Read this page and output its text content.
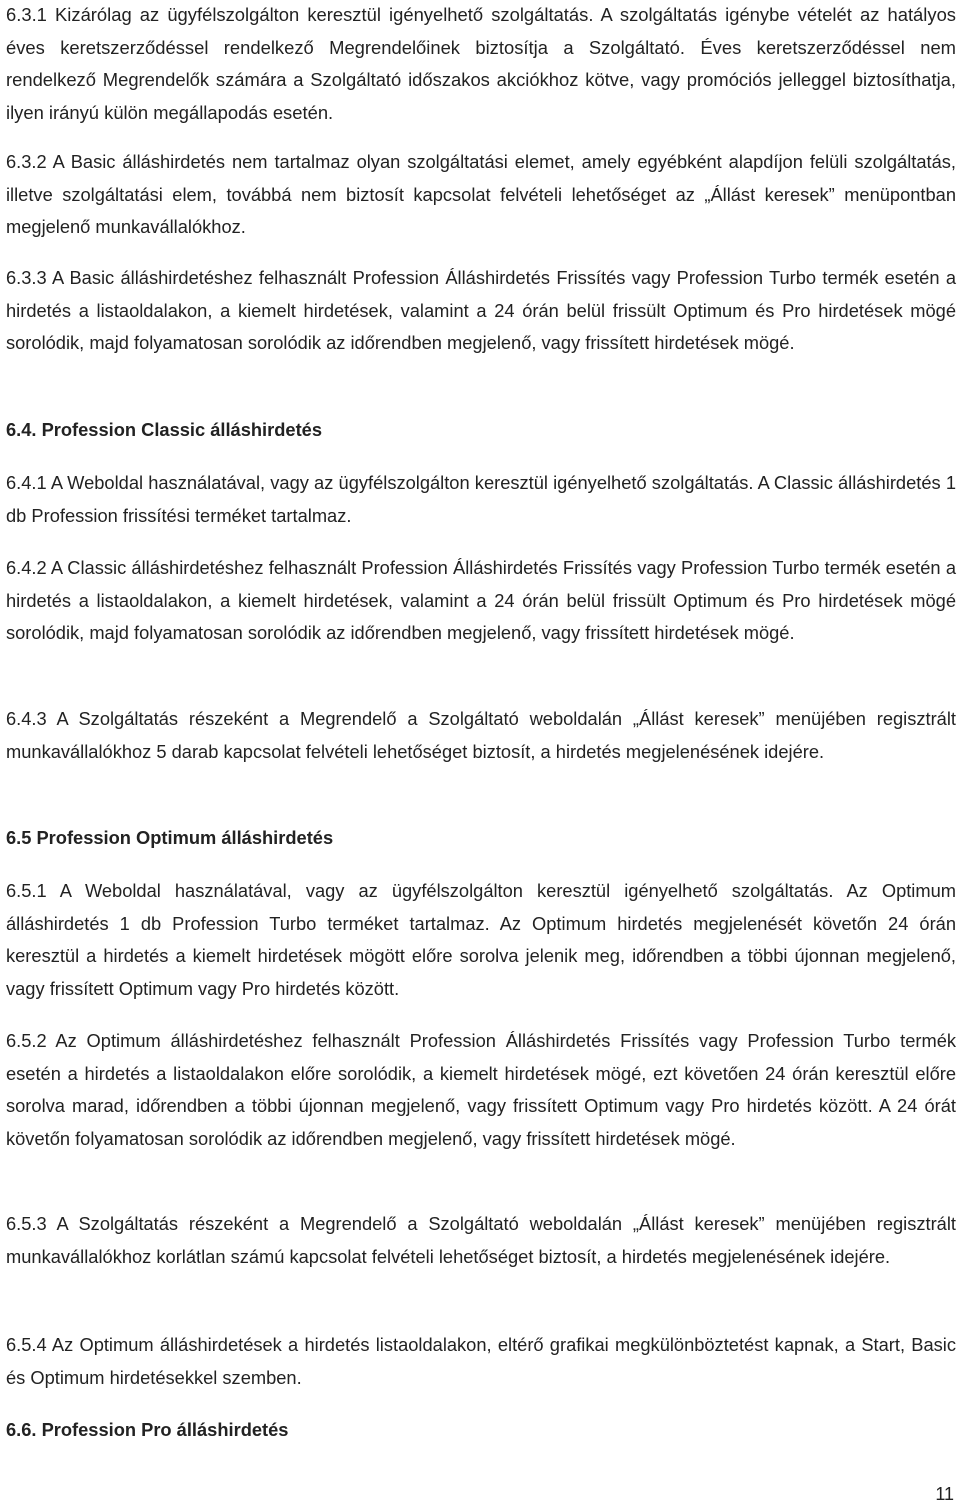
6.3.1 Kizárólag az ügyfélszolgálton keresztül igényelhető szolgáltatás. A szolgáltatás igénybe vételét az hatályos éves keretszerződéssel rendelkező Megrendelőinek biztosítja a Szolgáltató. Éves keretszerződéssel nem rendelkező Megrendelők számára a Szolgáltató időszakos akciókhoz kötve, vagy promóciós jelleggel biztosíthatja, ilyen irányú külön megállapodás esetén.

6.3.2 A Basic álláshirdetés nem tartalmaz olyan szolgáltatási elemet, amely egyébként alapdíjon felüli szolgáltatás, illetve szolgáltatási elem, továbbá nem biztosít kapcsolat felvételi lehetőséget az „Állást keresek” menüpontban megjelenő munkavállalókhoz.

6.3.3 A Basic álláshirdetéshez felhasznált Profession Álláshirdetés Frissítés vagy Profession Turbo termék esetén a hirdetés a listaoldalakon, a kiemelt hirdetések, valamint a 24 órán belül frissült Optimum és Pro hirdetések mögé sorolódik, majd folyamatosan sorolódik az időrendben megjelenő, vagy frissített hirdetések mögé.

6.4. Profession Classic álláshirdetés

6.4.1 A Weboldal használatával, vagy az ügyfélszolgálton keresztül igényelhető szolgáltatás. A Classic álláshirdetés 1 db Profession frissítési terméket tartalmaz.

6.4.2 A Classic álláshirdetéshez felhasznált Profession Álláshirdetés Frissítés vagy Profession Turbo termék esetén a hirdetés a listaoldalakon, a kiemelt hirdetések, valamint a 24 órán belül frissült Optimum és Pro hirdetések mögé sorolódik, majd folyamatosan sorolódik az időrendben megjelenő, vagy frissített hirdetések mögé.

6.4.3 A Szolgáltatás részeként a Megrendelő a Szolgáltató weboldalán „Állást keresek” menüjében regisztrált munkavállalókhoz 5 darab kapcsolat felvételi lehetőséget biztosít, a hirdetés megjelenésének idejére.

6.5 Profession Optimum álláshirdetés

6.5.1 A Weboldal használatával, vagy az ügyfélszolgálton keresztül igényelhető szolgáltatás. Az Optimum álláshirdetés 1 db Profession Turbo terméket tartalmaz. Az Optimum hirdetés megjelenését követőn 24 órán keresztül a hirdetés a kiemelt hirdetések mögött előre sorolva jelenik meg, időrendben a többi újonnan megjelenő, vagy frissített Optimum vagy Pro hirdetés között.

6.5.2 Az Optimum álláshirdetéshez felhasznált Profession Álláshirdetés Frissítés vagy Profession Turbo termék esetén a hirdetés a listaoldalakon előre sorolódik, a kiemelt hirdetések mögé, ezt követően 24 órán keresztül előre sorolva marad, időrendben a többi újonnan megjelenő, vagy frissített Optimum vagy Pro hirdetés között. A 24 órát követőn folyamatosan sorolódik az időrendben megjelenő, vagy frissített hirdetések mögé.

6.5.3 A Szolgáltatás részeként a Megrendelő a Szolgáltató weboldalán „Állást keresek” menüjében regisztrált munkavállalókhoz korlátlan számú kapcsolat felvételi lehetőséget biztosít, a hirdetés megjelenésének idejére.

6.5.4 Az Optimum álláshirdetések a hirdetés listaoldalakon, eltérő grafikai megkülönböztetést kapnak, a Start, Basic és Optimum hirdetésekkel szemben.

6.6. Profession Pro álláshirdetés

11
